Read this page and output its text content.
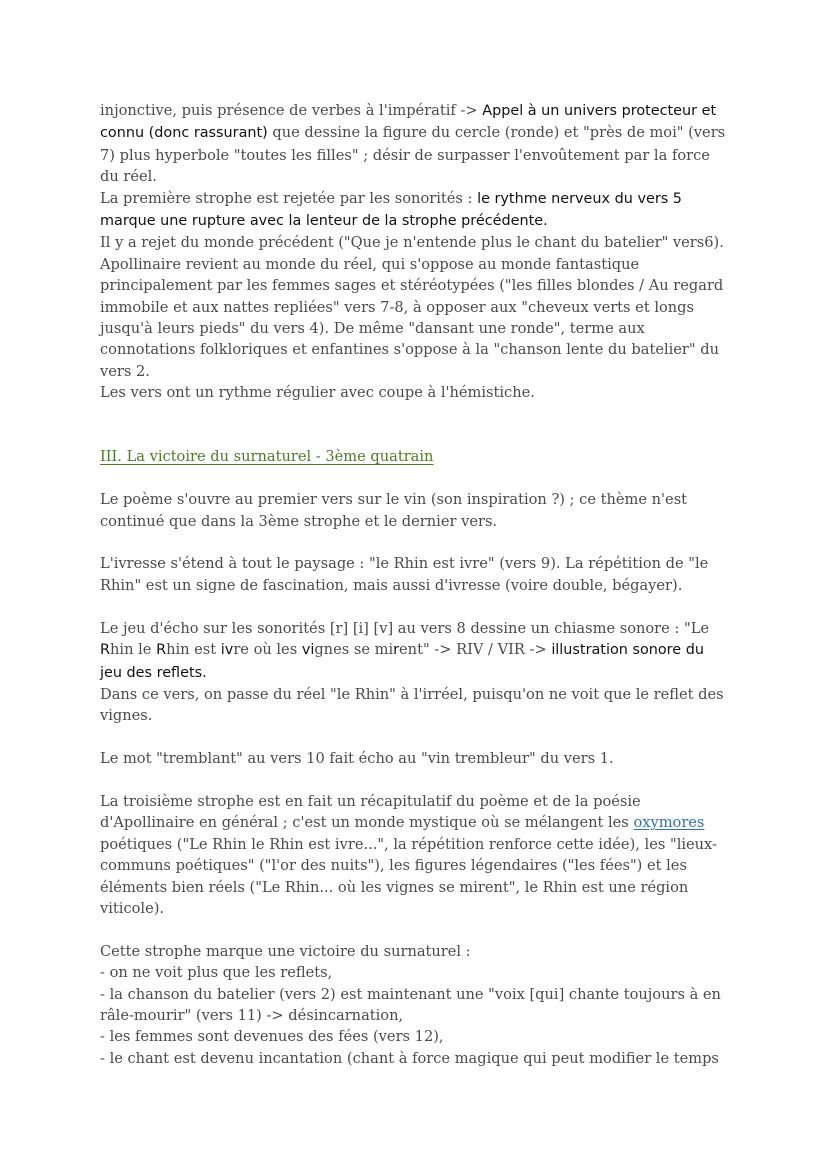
injonctive, puis présence de verbes à l'impératif -> Appel à un univers protecteur et connu (donc rassurant) que dessine la figure du cercle (ronde) et "près de moi" (vers 7) plus hyperbole "toutes les filles" ; désir de surpasser l'envoûtement par la force du réel.

La première strophe est rejetée par les sonorités : le rythme nerveux du vers 5 marque une rupture avec la lenteur de la strophe précédente.

Il y a rejet du monde précédent ("Que je n'entende plus le chant du batelier" vers6). Apollinaire revient au monde du réel, qui s'oppose au monde fantastique principalement par les femmes sages et stéréotypées ("les filles blondes / Au regard immobile et aux nattes repliées" vers 7-8, à opposer aux "cheveux verts et longs jusqu'à leurs pieds" du vers 4). De même "dansant une ronde", terme aux connotations folkloriques et enfantines s'oppose à la "chanson lente du batelier" du vers 2.

Les vers ont un rythme régulier avec coupe à l'hémistiche.

III. La victoire du surnaturel - 3ème quatrain

Le poème s'ouvre au premier vers sur le vin (son inspiration ?) ; ce thème n'est continué que dans la 3ème strophe et le dernier vers.

L'ivresse s'étend à tout le paysage : "le Rhin est ivre" (vers 9). La répétition de "le Rhin" est un signe de fascination, mais aussi d'ivresse (voire double, bégayer).

Le jeu d'écho sur les sonorités [r] [i] [v] au vers 8 dessine un chiasme sonore : "Le Rhin le Rhin est ivre où les vignes se mirent" -> RIV / VIR -> illustration sonore du jeu des reflets.

Dans ce vers, on passe du réel "le Rhin" à l'irréel, puisqu'on ne voit que le reflet des vignes.

Le mot "tremblant" au vers 10 fait écho au "vin trembleur" du vers 1.

La troisième strophe est en fait un récapitulatif du poème et de la poésie d'Apollinaire en général ; c'est un monde mystique où se mélangent les oxymores poétiques ("Le Rhin le Rhin est ivre...", la répétition renforce cette idée), les "lieux-communs poétiques" ("l'or des nuits"), les figures légendaires ("les fées") et les éléments bien réels ("Le Rhin... où les vignes se mirent", le Rhin est une région viticole).

Cette strophe marque une victoire du surnaturel :

- on ne voit plus que les reflets,

- la chanson du batelier (vers 2) est maintenant une "voix [qui] chante toujours à en râle-mourir" (vers 11) -> désincarnation,

- les femmes sont devenues des fées (vers 12),

- le chant est devenu incantation (chant à force magique qui peut modifier le temps
